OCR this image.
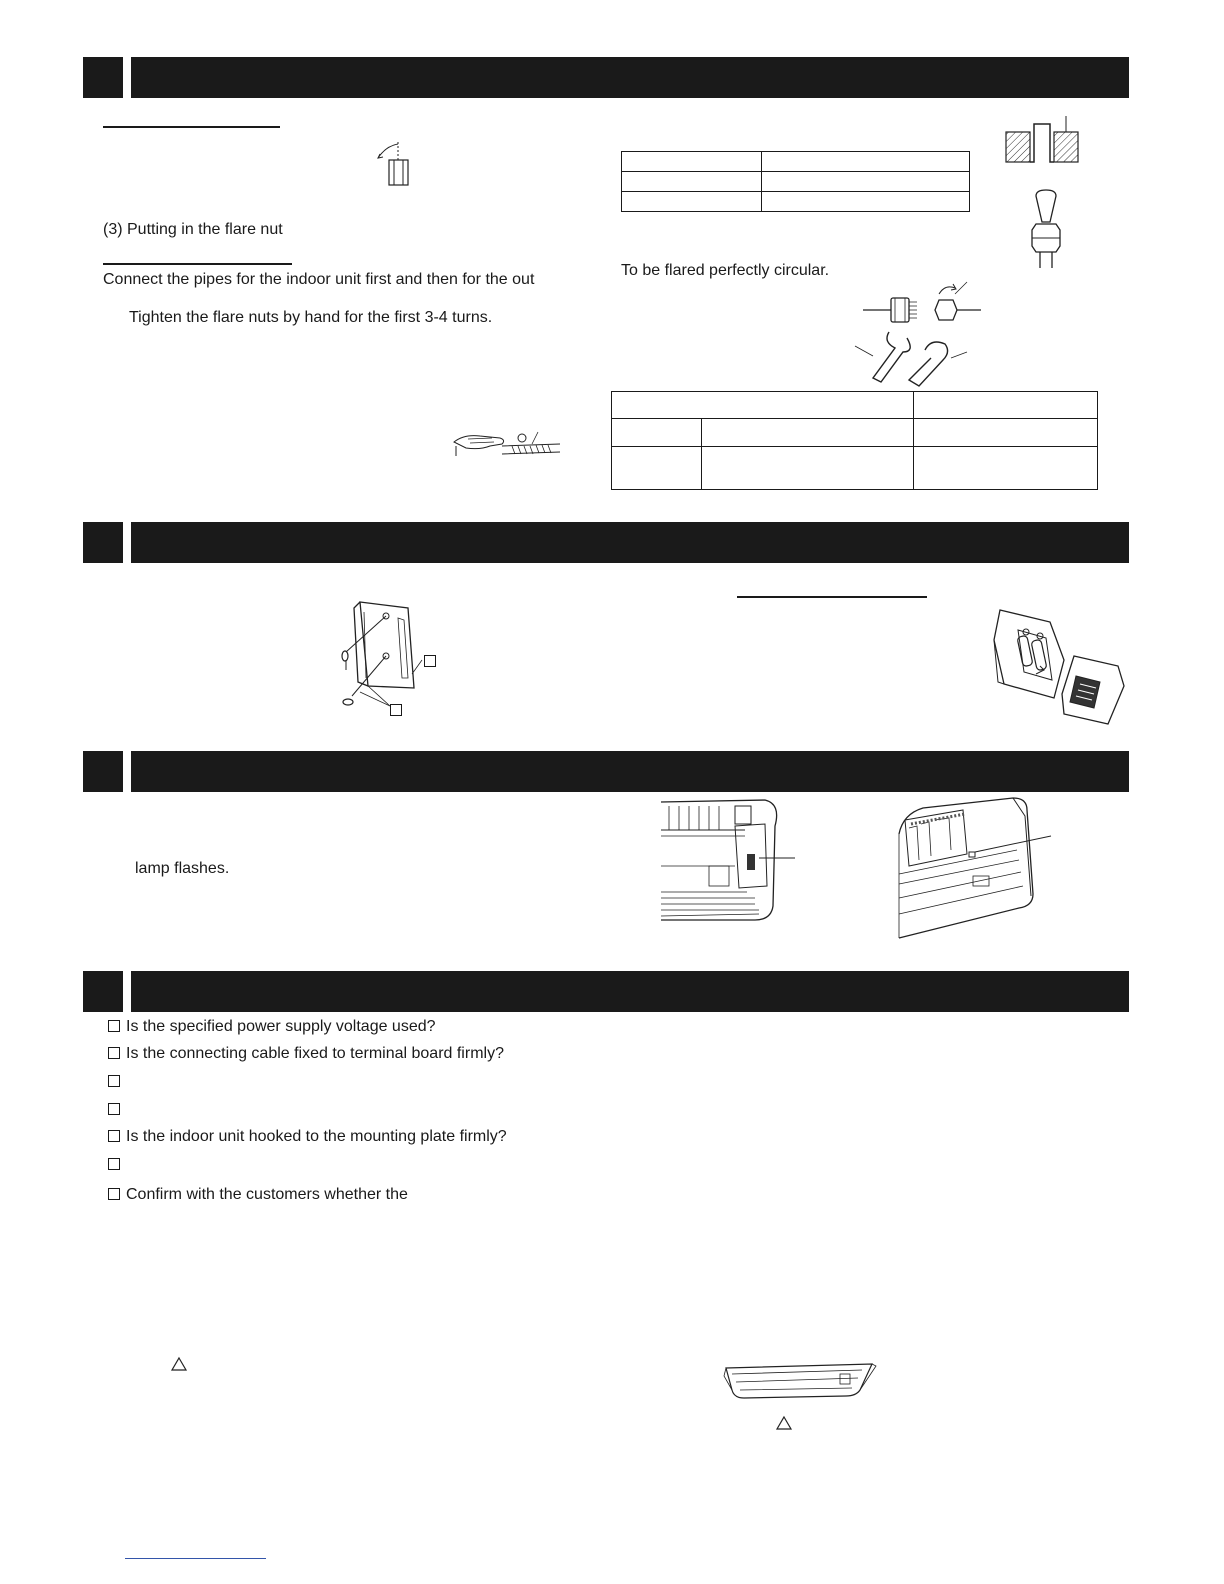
(3) Putting in the flare nut
Connect the pipes for the indoor unit first and then for the out
Tighten the flare nuts by hand for the first 3-4 turns.

To be flared perfectly circular.

lamp flashes.
Is the specified power supply voltage used?
Is the connecting cable fixed to terminal board firmly?
Is the indoor unit hooked to the mounting plate firmly?
Confirm with the customers whether the
